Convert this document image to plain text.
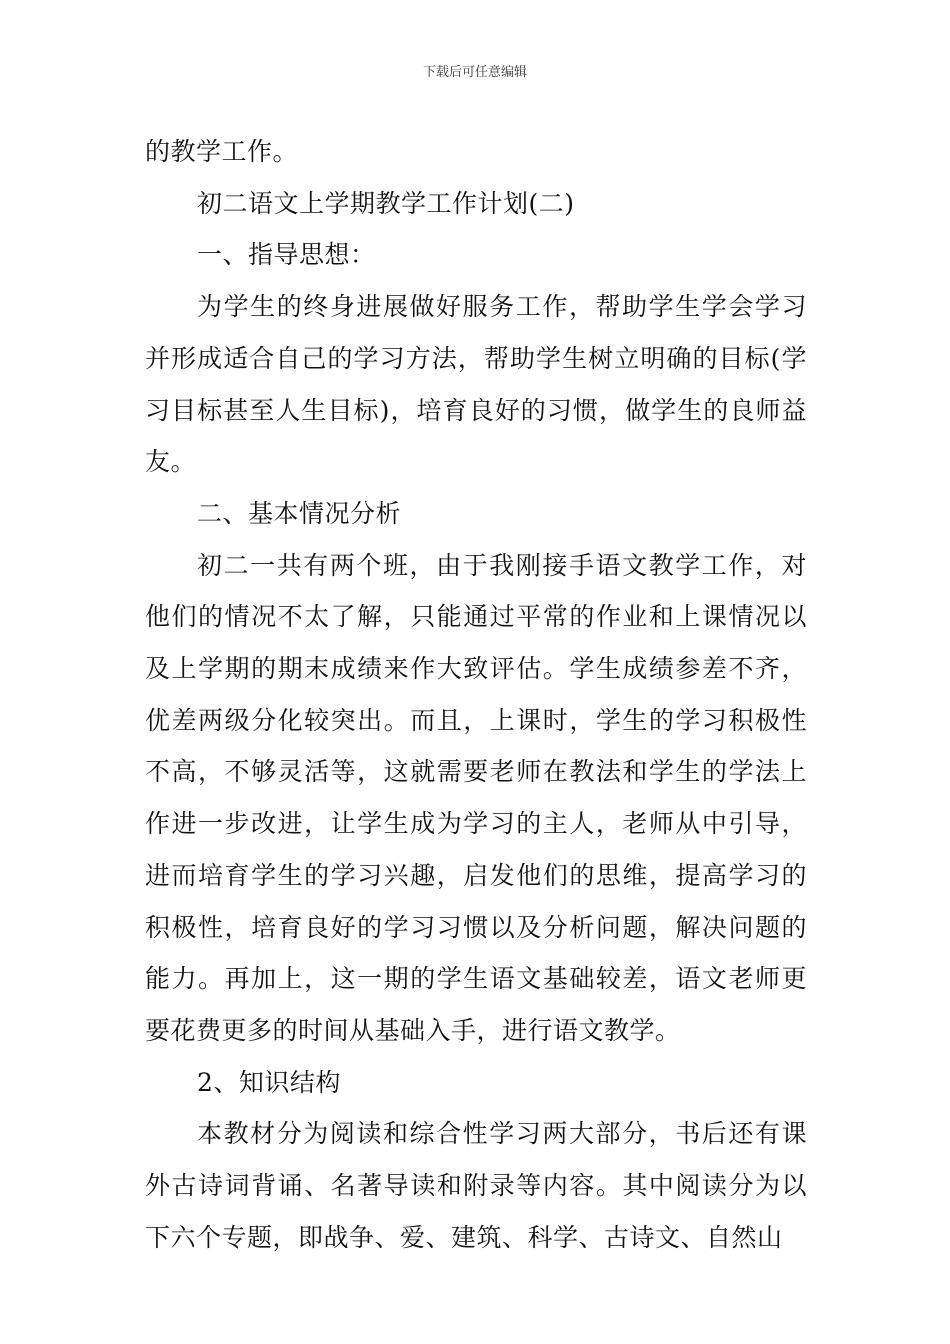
下载后可任意编辑

的教学工作。

初二语文上学期教学工作计划(二)

一、指导思想：

为学生的终身进展做好服务工作，帮助学生学会学习并形成适合自己的学习方法，帮助学生树立明确的目标(学习目标甚至人生目标)，培育良好的习惯，做学生的良师益友。

二、基本情况分析

初二一共有两个班，由于我刚接手语文教学工作，对他们的情况不太了解，只能通过平常的作业和上课情况以及上学期的期末成绩来作大致评估。学生成绩参差不齐，优差两级分化较突出。而且，上课时，学生的学习积极性不高，不够灵活等，这就需要老师在教法和学生的学法上作进一步改进，让学生成为学习的主人，老师从中引导，进而培育学生的学习兴趣，启发他们的思维，提高学习的积极性，培育良好的学习习惯以及分析问题，解决问题的能力。再加上，这一期的学生语文基础较差，语文老师更要花费更多的时间从基础入手，进行语文教学。

2、知识结构

本教材分为阅读和综合性学习两大部分，书后还有课外古诗词背诵、名著导读和附录等内容。其中阅读分为以下六个专题，即战争、爱、建筑、科学、古诗文、自然山
